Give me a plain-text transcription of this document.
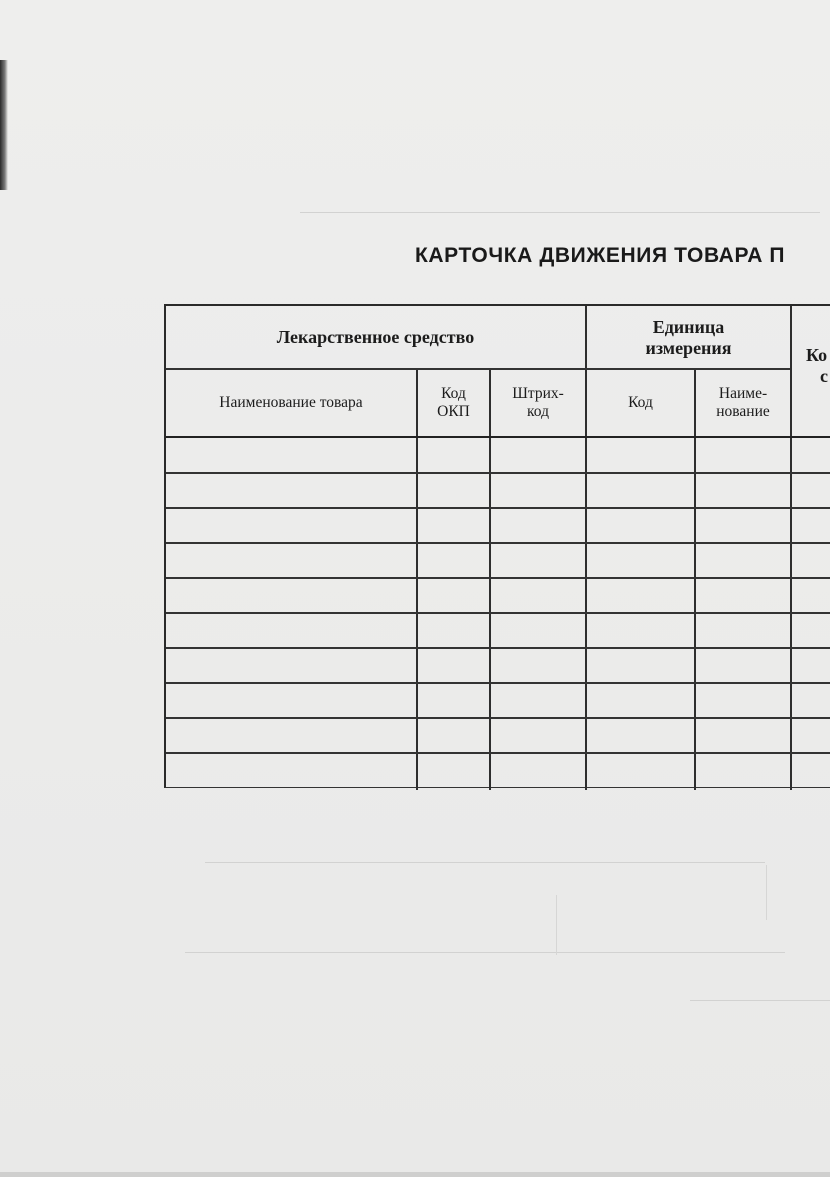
КАРТОЧКА ДВИЖЕНИЯ ТОВАРА П
Лекарственное средство	Единица
измерения	Ко
с
Наименование товара
Код
ОКП
Штрих-
код
Код
Наиме-
нование
